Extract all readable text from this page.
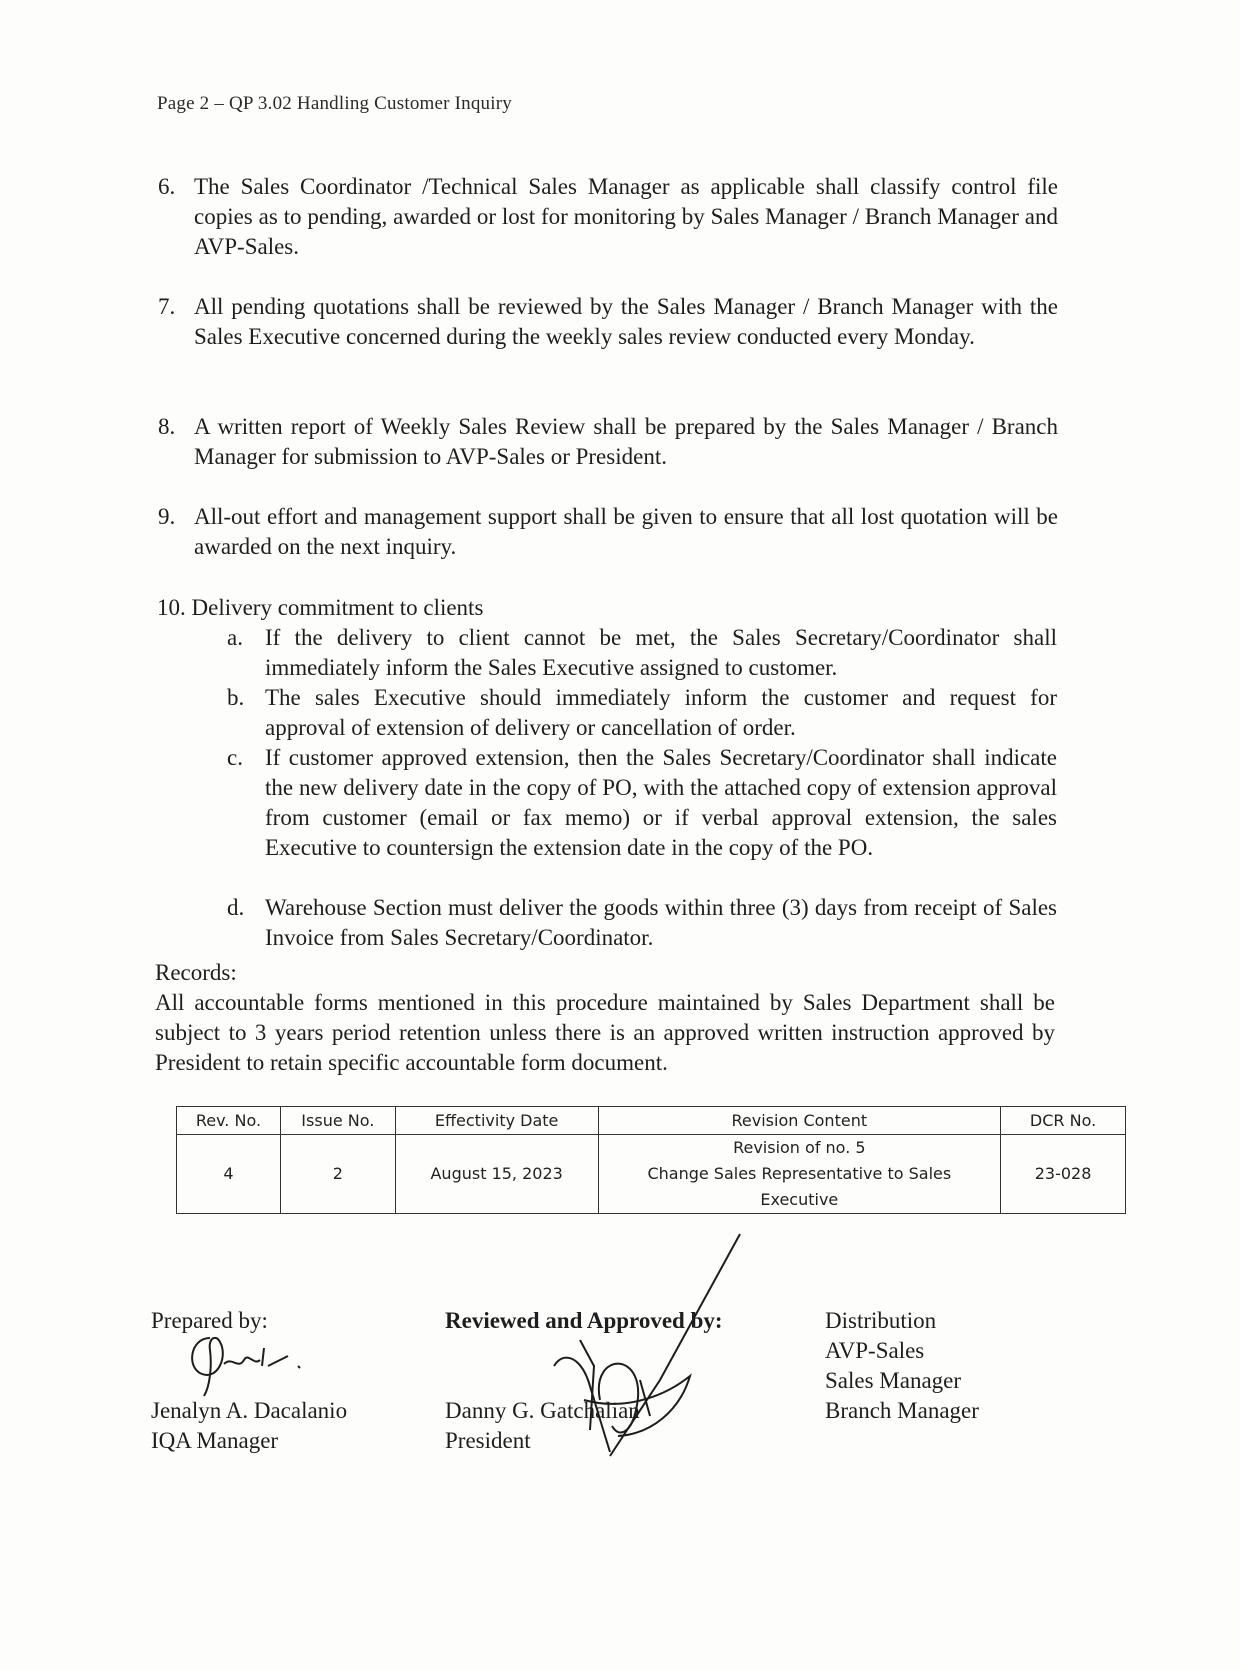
Page 2 – QP 3.02 Handling Customer Inquiry
6. The Sales Coordinator /Technical Sales Manager as applicable shall classify control file copies as to pending, awarded or lost for monitoring by Sales Manager / Branch Manager and AVP-Sales.
7. All pending quotations shall be reviewed by the Sales Manager / Branch Manager with the Sales Executive concerned during the weekly sales review conducted every Monday.
8. A written report of Weekly Sales Review shall be prepared by the Sales Manager / Branch Manager for submission to AVP-Sales or President.
9. All-out effort and management support shall be given to ensure that all lost quotation will be awarded on the next inquiry.
10. Delivery commitment to clients
a. If the delivery to client cannot be met, the Sales Secretary/Coordinator shall immediately inform the Sales Executive assigned to customer.
b. The sales Executive should immediately inform the customer and request for approval of extension of delivery or cancellation of order.
c. If customer approved extension, then the Sales Secretary/Coordinator shall indicate the new delivery date in the copy of PO, with the attached copy of extension approval from customer (email or fax memo) or if verbal approval extension, the sales Executive to countersign the extension date in the copy of the PO.
d. Warehouse Section must deliver the goods within three (3) days from receipt of Sales Invoice from Sales Secretary/Coordinator.
Records:
All accountable forms mentioned in this procedure maintained by Sales Department shall be subject to 3 years period retention unless there is an approved written instruction approved by President to retain specific accountable form document.
Rev. No.	Issue No.	Effectivity Date	Revision Content	DCR No.
4	2	August 15, 2023	Revision of no. 5
Change Sales Representative to Sales
Executive	23-028
Prepared by:
Jenalyn A. Dacalanio
IQA Manager
Reviewed and Approved by:
Danny G. Gatchalian
President
Distribution
AVP-Sales
Sales Manager
Branch Manager
